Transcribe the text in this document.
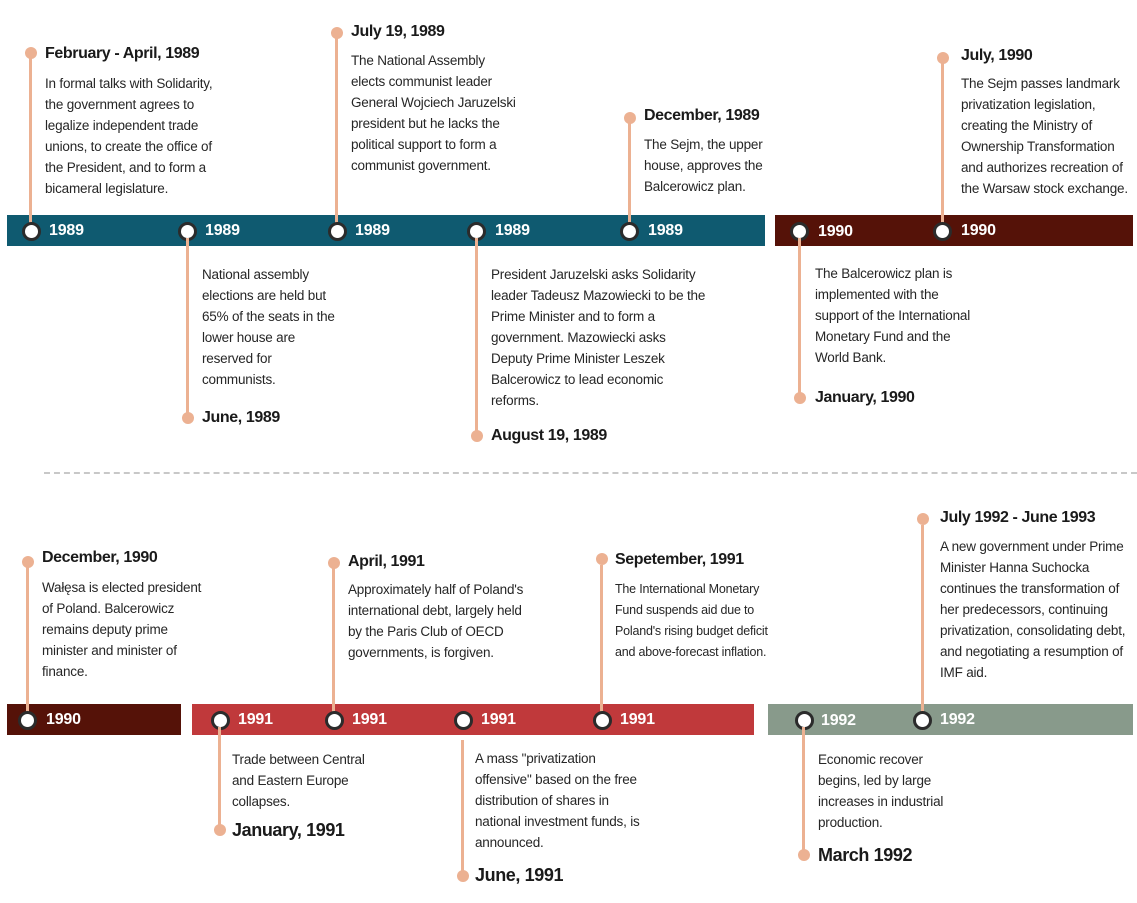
February - April, 1989

In formal talks with Solidarity, the government agrees to legalize independent trade unions, to create the office of the President, and to form a bicameral legislature.

1989	1989

National assembly elections are held but 65% of the seats in the lower house are reserved for communists.

June, 1989
July 19, 1989

The National Assembly elects communist leader General Wojciech Jaruzelski president but he lacks the political support to form a communist government.

1989	1989

President Jaruzelski asks Solidarity leader Tadeusz Mazowiecki to be the Prime Minister and to form a government. Mazowiecki asks Deputy Prime Minister Leszek Balcerowicz to lead economic reforms.

August 19, 1989
December, 1989

The Sejm, the upper house, approves the Balcerowicz plan.

1989	1990

The Balcerowicz plan is implemented with the support of the International Monetary Fund and the World Bank.

January, 1990
July, 1990

The Sejm passes landmark privatization legislation, creating the Ministry of Ownership Transformation and authorizes recreation of the Warsaw stock exchange.

1990
December, 1990

Wałęsa is elected president of Poland. Balcerowicz remains deputy prime minister and minister of finance.

1990	1991

Trade between Central and Eastern Europe collapses.

January, 1991
April, 1991

Approximately half of Poland's international debt, largely held by the Paris Club of OECD governments, is forgiven.

1991	1991

A mass "privatization offensive" based on the free distribution of shares in national investment funds, is announced.

June, 1991
Sepetember, 1991

The International Monetary Fund suspends aid due to Poland's rising budget deficit and above-forecast inflation.

1991	1992

Economic recover begins, led by large increases in industrial production.

March 1992
July 1992 - June 1993

A new government under Prime Minister Hanna Suchocka continues the transformation of her predecessors, continuing privatization, consolidating debt, and negotiating a resumption of IMF aid.

1992
